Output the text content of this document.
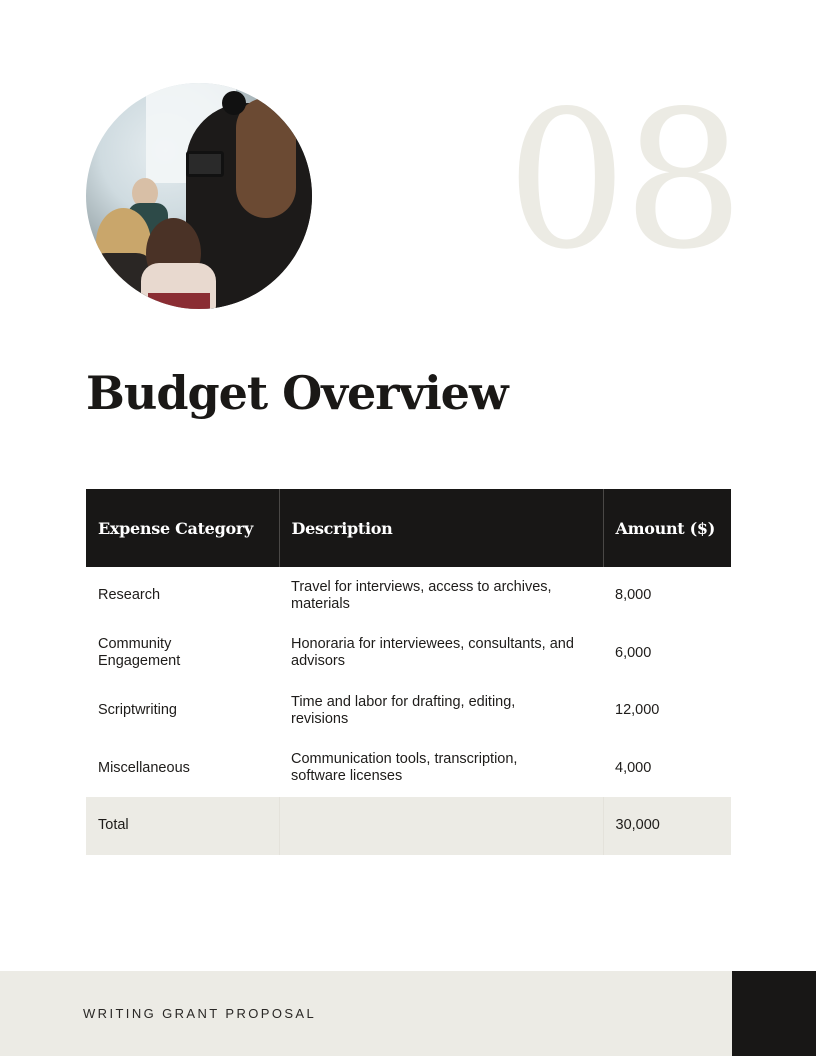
08
Budget Overview
Expense Category	Description	Amount ($)
Research	Travel for interviews, access to archives, materials	8,000
Community Engagement	Honoraria for interviewees, consultants, and advisors	6,000
Scriptwriting	Time and labor for drafting, editing, revisions	12,000
Miscellaneous	Communication tools, transcription, software licenses	4,000
Total		30,000
WRITING GRANT PROPOSAL
